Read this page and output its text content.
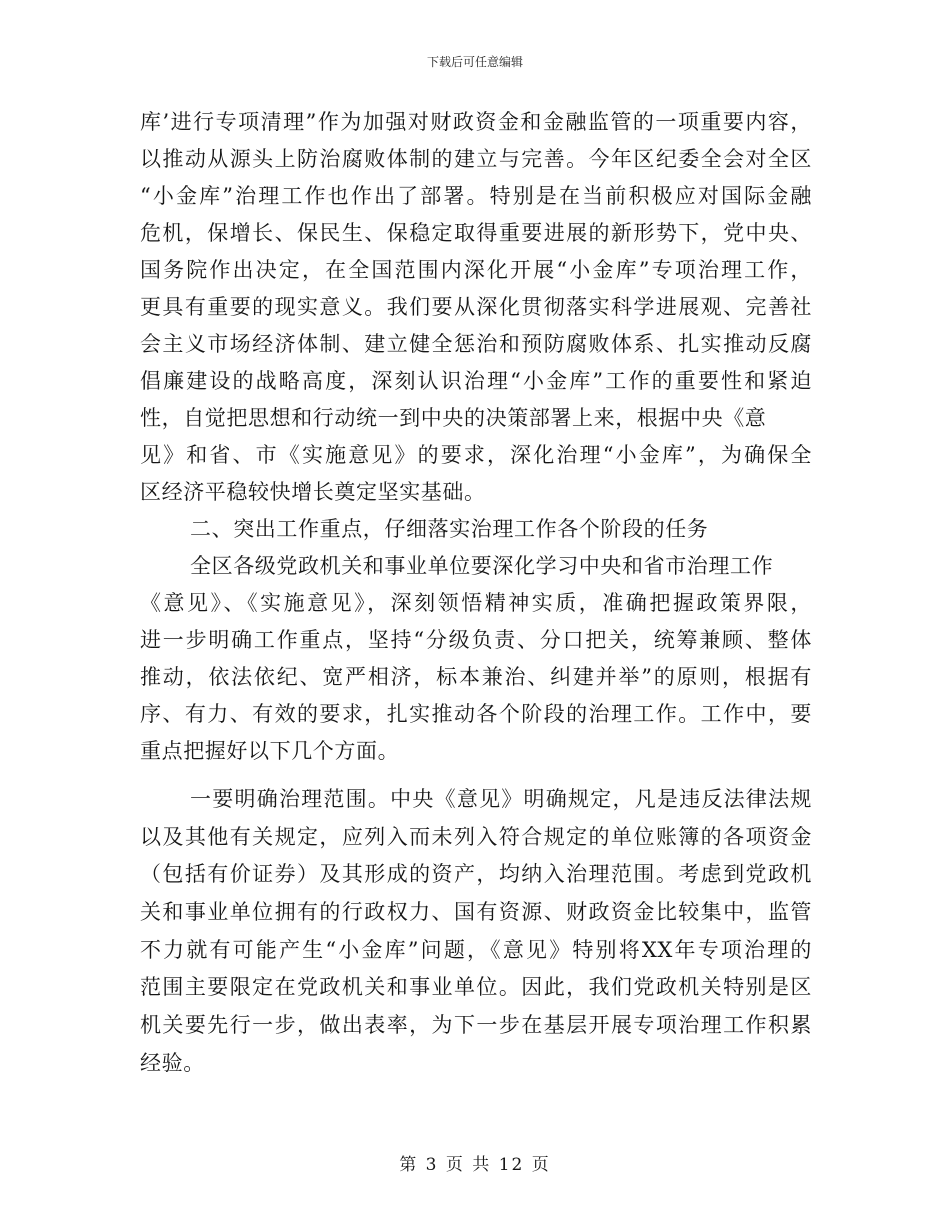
下载后可任意编辑
库’进行专项清理”作为加强对财政资金和金融监管的一项重要内容，
以推动从源头上防治腐败体制的建立与完善。今年区纪委全会对全区
“小金库”治理工作也作出了部署。特别是在当前积极应对国际金融
危机，保增长、保民生、保稳定取得重要进展的新形势下，党中央、
国务院作出决定，在全国范围内深化开展“小金库”专项治理工作，
更具有重要的现实意义。我们要从深化贯彻落实科学进展观、完善社
会主义市场经济体制、建立健全惩治和预防腐败体系、扎实推动反腐
倡廉建设的战略高度，深刻认识治理“小金库”工作的重要性和紧迫
性，自觉把思想和行动统一到中央的决策部署上来，根据中央《意
见》和省、市《实施意见》的要求，深化治理“小金库”，为确保全
区经济平稳较快增长奠定坚实基础。
二、突出工作重点，仔细落实治理工作各个阶段的任务
全区各级党政机关和事业单位要深化学习中央和省市治理工作
《意见》、《实施意见》，深刻领悟精神实质，准确把握政策界限，
进一步明确工作重点，坚持“分级负责、分口把关，统筹兼顾、整体
推动，依法依纪、宽严相济，标本兼治、纠建并举”的原则，根据有
序、有力、有效的要求，扎实推动各个阶段的治理工作。工作中，要
重点把握好以下几个方面。
一要明确治理范围。中央《意见》明确规定，凡是违反法律法规
以及其他有关规定，应列入而未列入符合规定的单位账簿的各项资金
（包括有价证券）及其形成的资产，均纳入治理范围。考虑到党政机
关和事业单位拥有的行政权力、国有资源、财政资金比较集中，监管
不力就有可能产生“小金库”问题，《意见》特别将XX年专项治理的
范围主要限定在党政机关和事业单位。因此，我们党政机关特别是区
机关要先行一步，做出表率，为下一步在基层开展专项治理工作积累
经验。
第 3 页 共 12 页
